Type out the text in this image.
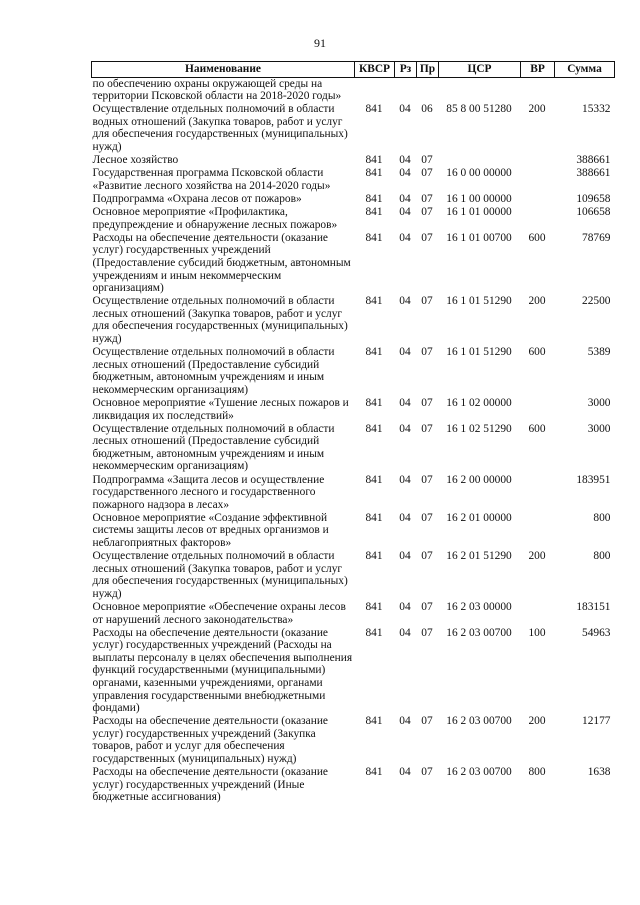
91
Наименование	КВСР	Рз	Пр	ЦСР	ВР	Сумма
по обеспечению охраны окружающей среды на территории Псковской области на 2018-2020 годы»						
Осуществление отдельных полномочий в области водных отношений (Закупка товаров, работ и услуг для обеспечения государственных (муниципальных) нужд)	841	04	06	85 8 00 51280	200	15332
Лесное хозяйство	841	04	07			388661
Государственная программа Псковской области «Развитие лесного хозяйства на 2014-2020 годы»	841	04	07	16 0 00 00000		388661
Подпрограмма «Охрана лесов от пожаров»	841	04	07	16 1 00 00000		109658
Основное мероприятие «Профилактика, предупреждение и обнаружение лесных пожаров»	841	04	07	16 1 01 00000		106658
Расходы на обеспечение деятельности (оказание услуг) государственных учреждений (Предоставление субсидий бюджетным, автономным учреждениям и иным некоммерческим организациям)	841	04	07	16 1 01 00700	600	78769
Осуществление отдельных полномочий в области лесных отношений (Закупка товаров, работ и услуг для обеспечения государственных (муниципальных) нужд)	841	04	07	16 1 01 51290	200	22500
Осуществление отдельных полномочий в области лесных отношений (Предоставление субсидий бюджетным, автономным учреждениям и иным некоммерческим организациям)	841	04	07	16 1 01 51290	600	5389
Основное мероприятие «Тушение лесных пожаров и ликвидация их последствий»	841	04	07	16 1 02 00000		3000
Осуществление отдельных полномочий в области лесных отношений (Предоставление субсидий бюджетным, автономным учреждениям и иным некоммерческим организациям)	841	04	07	16 1 02 51290	600	3000
Подпрограмма «Защита лесов и осуществление государственного лесного и государственного пожарного надзора в лесах»	841	04	07	16 2 00 00000		183951
Основное мероприятие «Создание эффективной системы защиты лесов от вредных организмов и неблагоприятных факторов»	841	04	07	16 2 01 00000		800
Осуществление отдельных полномочий в области лесных отношений (Закупка товаров, работ и услуг для обеспечения государственных (муниципальных) нужд)	841	04	07	16 2 01 51290	200	800
Основное мероприятие «Обеспечение охраны лесов от нарушений лесного законодательства»	841	04	07	16 2 03 00000		183151
Расходы на обеспечение деятельности (оказание услуг) государственных учреждений (Расходы на выплаты персоналу в целях обеспечения выполнения функций государственными (муниципальными) органами, казенными учреждениями, органами управления государственными внебюджетными фондами)	841	04	07	16 2 03 00700	100	54963
Расходы на обеспечение деятельности (оказание услуг) государственных учреждений (Закупка товаров, работ и услуг для обеспечения государственных (муниципальных) нужд)	841	04	07	16 2 03 00700	200	12177
Расходы на обеспечение деятельности (оказание услуг) государственных учреждений (Иные бюджетные ассигнования)	841	04	07	16 2 03 00700	800	1638
